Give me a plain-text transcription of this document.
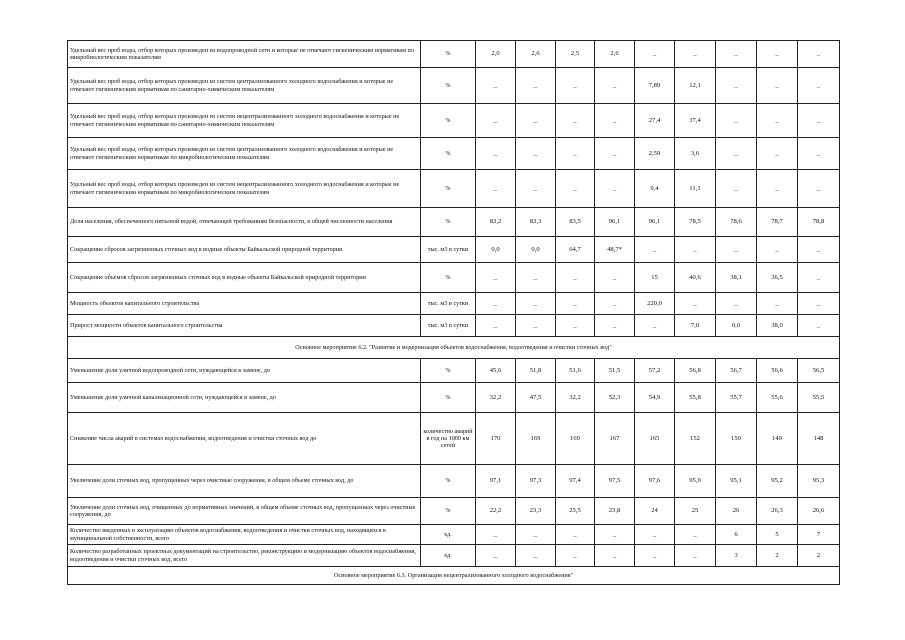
Удельный вес проб воды, отбор которых произведен из водопроводной сети и которые не отвечают гигиеническим нормативам по микробиологическим показателям	%	2,0	2,6	2,5	2,6	_	_	_	_	_
Удельный вес проб воды, отбор которых произведен из систем централизованного холодного водоснабжения и которые не отвечают гигиеническим нормативам по санитарно-химическим показателям	%	_	_	_	_	7,89	12,1	_	_	_
Удельный вес проб воды, отбор которых произведен из систем нецентрализованного холодного водоснабжения и которые не отвечают гигиеническим нормативам по санитарно-химическим показателям	%	_	_	_	_	27,4	37,4	_	_	_
Удельный вес проб воды, отбор которых произведен из систем централизованного холодного водоснабжения и которые не отвечают гигиеническим нормативам по микробиологическим показателям	%	_	_	_	_	2,59	3,6	_	_	_
Удельный вес проб воды, отбор которых произведен из систем нецентрализованного холодного водоснабжения и которые не отвечают гигиеническим нормативам по микробиологическим показателям	%	_	_	_	_	9,4	11,1	_	_	_
Доля населения, обеспеченного питьевой водой, отвечающей требованиям безопасности, в общей численности населения	%	83,2	83,3	83,5	96,1	96,1	78,5	78,6	78,7	78,8
Сокращение сбросов загрязненных сточных вод в водные объекты Байкальской природной территории	тыс. м3 в сутки	0,0	0,0	64,7	48,7*	_	_	_	_	_
Сокращение объемов сбросов загрязненных сточных вод в водные объекты Байкальской природной территории	%	_	_	_	_	15	40,6	38,1	36,5	_
Мощность объектов капитального строительства	тыс. м3 в сутки	_	_	_	_	220,0	_	_	_	_
Прирост мощности объектов капитального строительства	тыс. м3 в сутки	_	_	_	_	_	7,0	0,0	38,0	_
Основное мероприятие 6.2. "Развитие и модернизация объектов водоснабжения, водоотведения и очистки сточных вод"										
Уменьшение доли уличной водопроводной сети, нуждающейся в замене, до	%	45,6	51,8	51,6	51,5	57,2	56,8	56,7	56,6	56,5
Уменьшение доли уличной канализационной сети, нуждающейся в замене, до	%	32,2	47,5	32,2	52,3	54,9	55,8	55,7	55,6	55,5
Снижение числа аварий в системах водоснабжения, водоотведения и очистки сточных вод до	количество аварий в год на 1000 км сетей	170	169	169	167	165	152	150	149	148
Увеличение доли сточных вод, пропущенных через очистные сооружения, в общем объеме сточных вод, до	%	97,1	97,3	97,4	97,5	97,6	95,0	95,1	95,2	95,3
Увеличение доли сточных вод, очищенных до нормативных значений, в общем объеме сточных вод, пропущенных через очистные сооружения, до	%	22,2	23,3	23,5	23,8	24	25	26	26,3	26,6
Количество введенных в эксплуатацию объектов водоснабжения, водоотведения и очистки сточных вод, находящихся в муниципальной собственности, всего	ед.	_	_	_	_	_	_	6	5	7
Количество разработанных проектных документаций на строительство, реконструкцию и модернизацию объектов водоснабжения, водоотведения и очистки сточных вод, всего	ед.	_	_	_	_	_	_	3	2	2
Основное мероприятие 6.3. Организация нецентрализованного холодного водоснабжения"										
